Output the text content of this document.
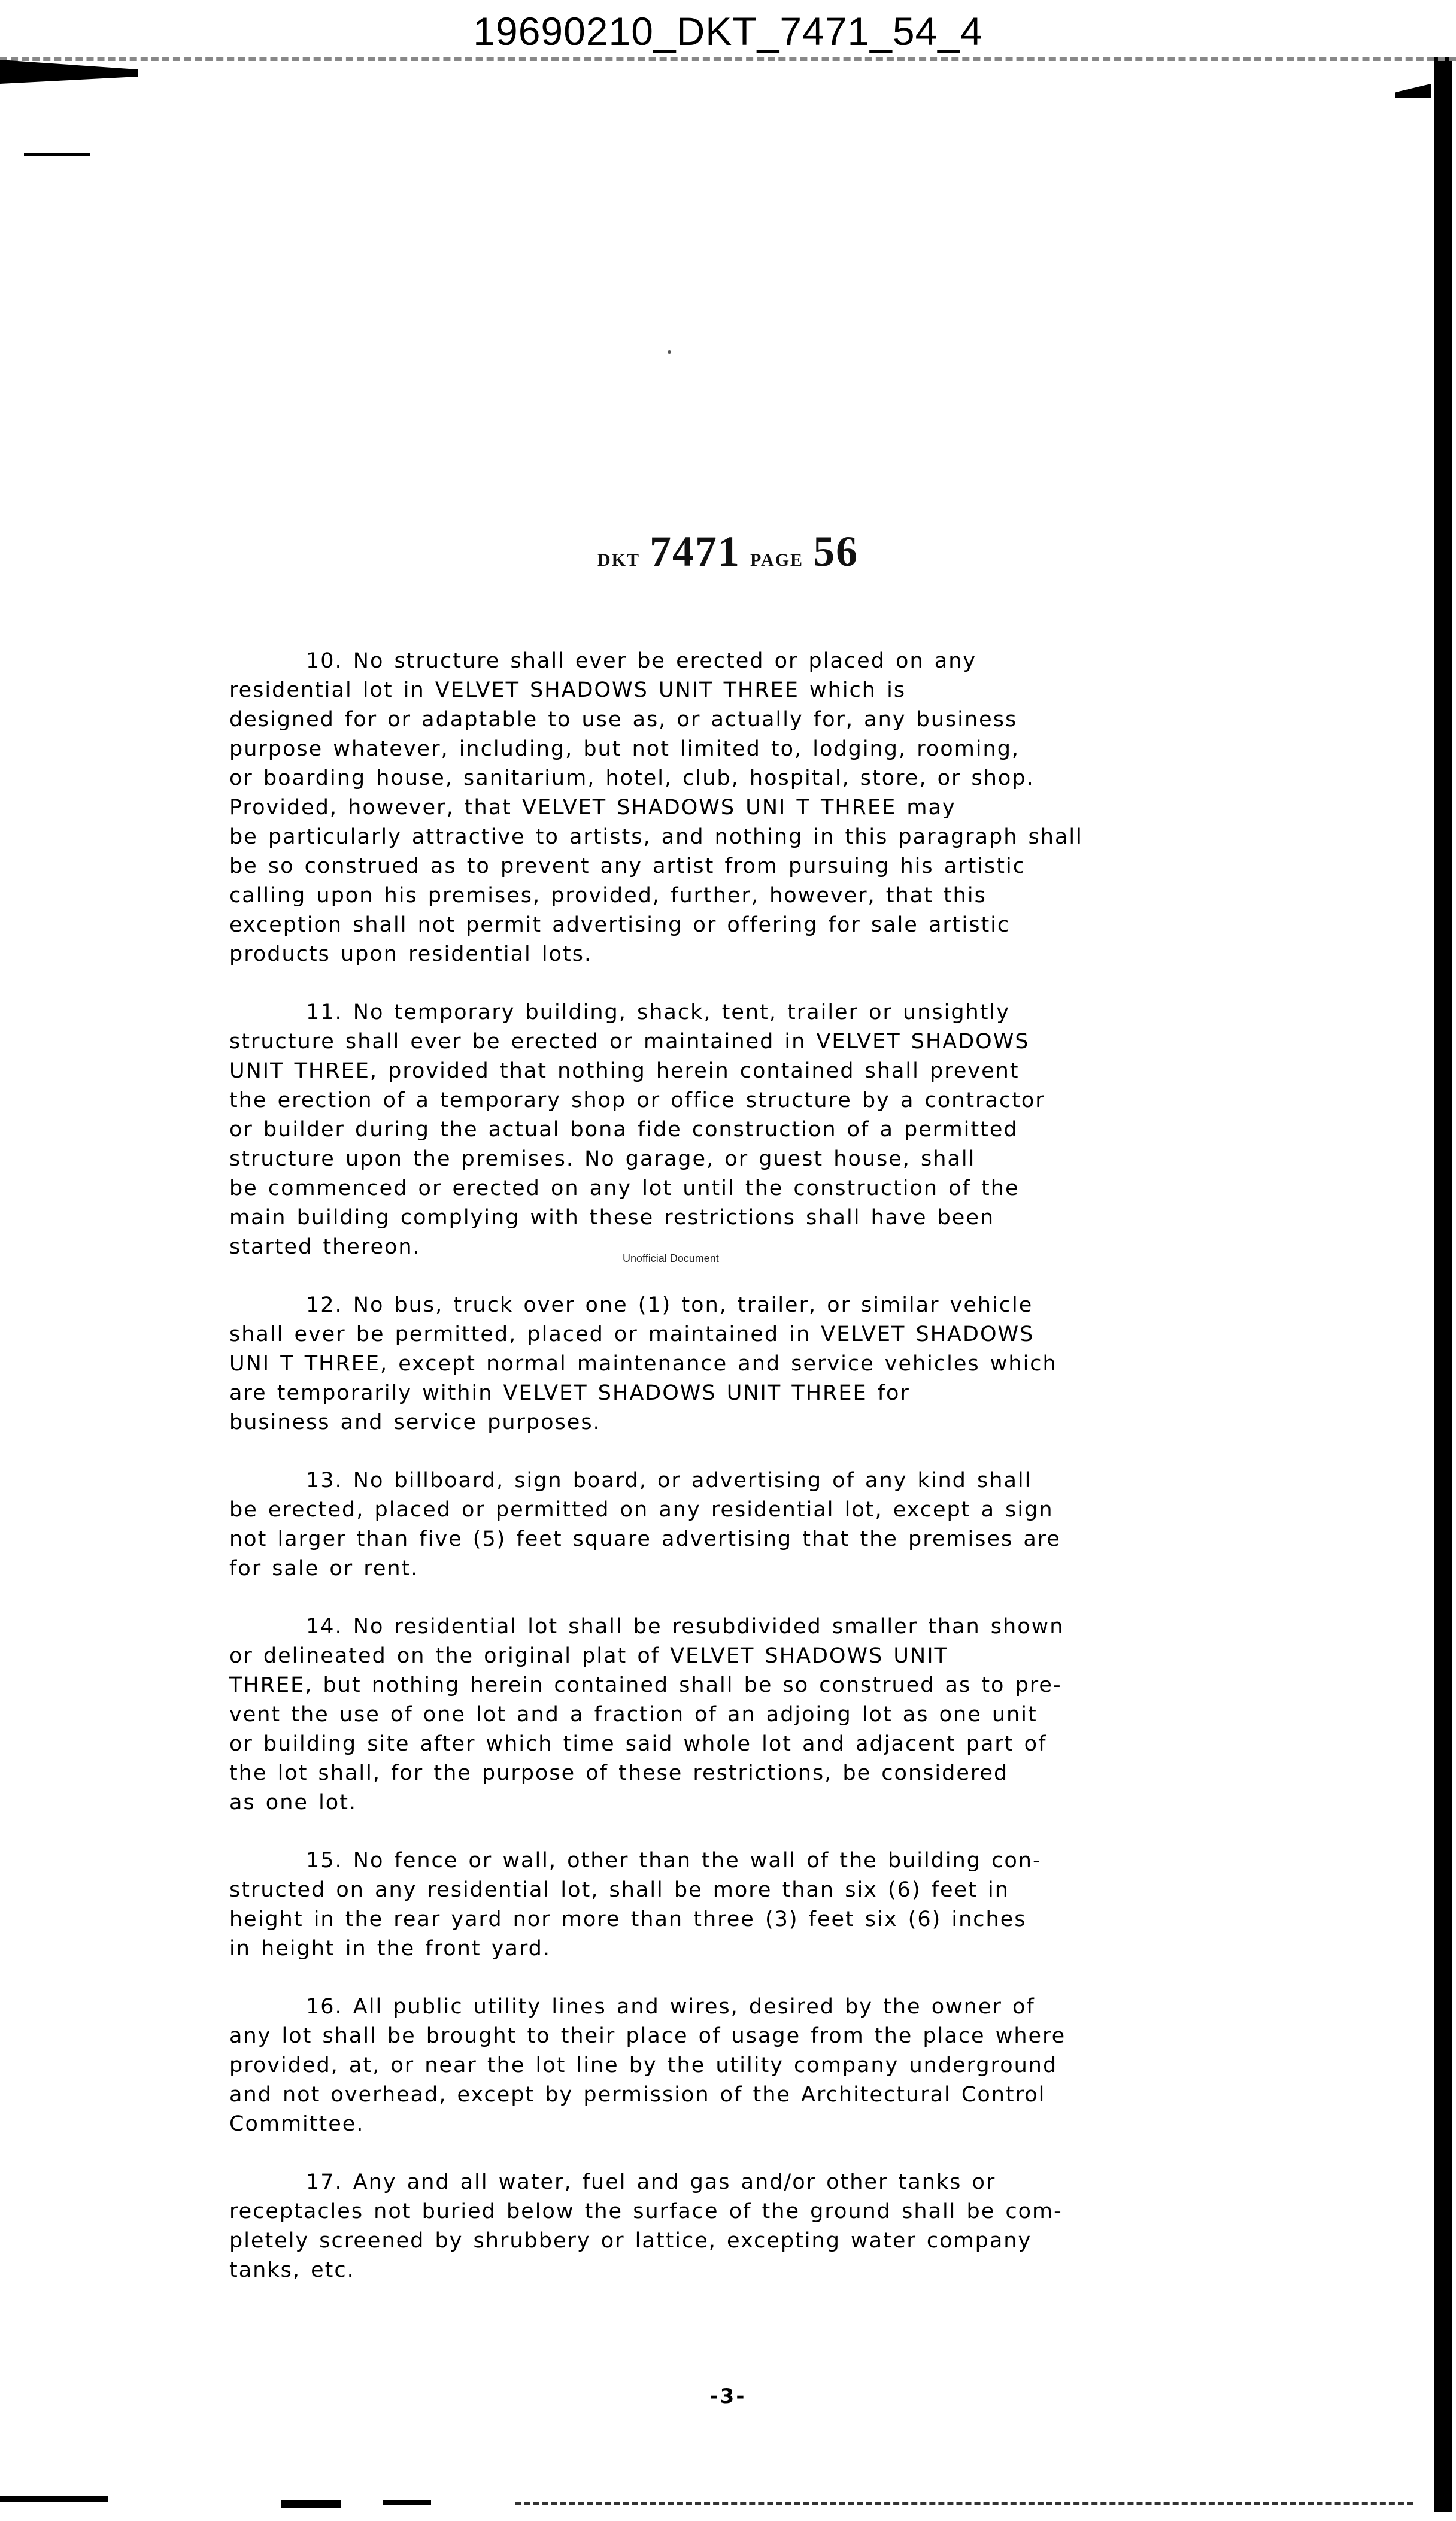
19690210_DKT_7471_54_4
DKT 7471 PAGE 56
10. No structure shall ever be erected or placed on any
residential lot in VELVET SHADOWS UNIT THREE which is
designed for or adaptable to use as, or actually for, any business
purpose whatever, including, but not limited to, lodging, rooming,
or boarding house, sanitarium, hotel, club, hospital, store, or shop.
Provided, however, that VELVET SHADOWS UNI T THREE may
be particularly attractive to artists, and nothing in this paragraph shall
be so construed as to prevent any artist from pursuing his artistic
calling upon his premises, provided, further, however, that this
exception shall not permit advertising or offering for sale artistic
products upon residential lots.
11. No temporary building, shack, tent, trailer or unsightly
structure shall ever be erected or maintained in VELVET SHADOWS
UNIT THREE, provided that nothing herein contained shall prevent
the erection of a temporary shop or office structure by a contractor
or builder during the actual bona fide construction of a permitted
structure upon the premises. No garage, or guest house, shall
be commenced or erected on any lot until the construction of the
main building complying with these restrictions shall have been
started thereon.
12. No bus, truck over one (1) ton, trailer, or similar vehicle
shall ever be permitted, placed or maintained in VELVET SHADOWS
UNI T THREE, except normal maintenance and service vehicles which
are temporarily within VELVET SHADOWS UNIT THREE for
business and service purposes.
13. No billboard, sign board, or advertising of any kind shall
be erected, placed or permitted on any residential lot, except a sign
not larger than five (5) feet square advertising that the premises are
for sale or rent.
14. No residential lot shall be resubdivided smaller than shown
or delineated on the original plat of VELVET SHADOWS UNIT
THREE, but nothing herein contained shall be so construed as to pre-
vent the use of one lot and a fraction of an adjoing lot as one unit
or building site after which time said whole lot and adjacent part of
the lot shall, for the purpose of these restrictions, be considered
as one lot.
15. No fence or wall, other than the wall of the building con-
structed on any residential lot, shall be more than six (6) feet in
height in the rear yard nor more than three (3) feet six (6) inches
in height in the front yard.
16. All public utility lines and wires, desired by the owner of
any lot shall be brought to their place of usage from the place where
provided, at, or near the lot line by the utility company underground
and not overhead, except by permission of the Architectural Control
Committee.
17. Any and all water, fuel and gas and/or other tanks or
receptacles not buried below the surface of the ground shall be com-
pletely screened by shrubbery or lattice, excepting water company
tanks, etc.
Unofficial Document
-3-
